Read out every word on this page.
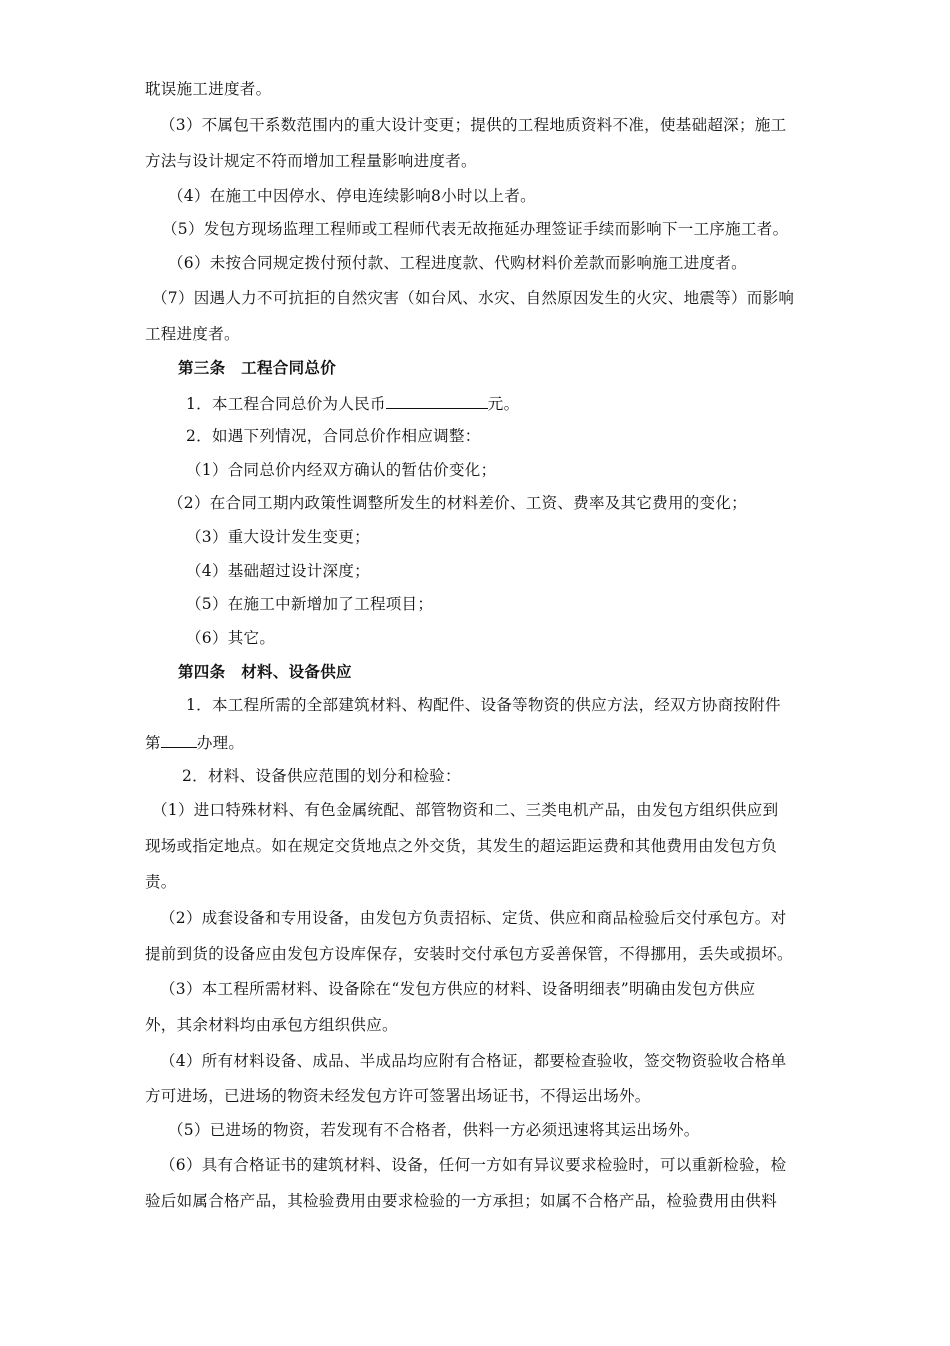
耽误施工进度者。
（3）不属包干系数范围内的重大设计变更；提供的工程地质资料不准，使基础超深；施工
方法与设计规定不符而增加工程量影响进度者。
（4）在施工中因停水、停电连续影响8小时以上者。
（5）发包方现场监理工程师或工程师代表无故拖延办理签证手续而影响下一工序施工者。
（6）未按合同规定拨付预付款、工程进度款、代购材料价差款而影响施工进度者。
（7）因遇人力不可抗拒的自然灾害（如台风、水灾、自然原因发生的火灾、地震等）而影响
工程进度者。
第三条　工程合同总价
1．本工程合同总价为人民币	元。
2．如遇下列情况，合同总价作相应调整：
（1）合同总价内经双方确认的暂估价变化；
（2）在合同工期内政策性调整所发生的材料差价、工资、费率及其它费用的变化；
（3）重大设计发生变更；
（4）基础超过设计深度；
（5）在施工中新增加了工程项目；
（6）其它。
第四条　材料、设备供应
1．本工程所需的全部建筑材料、构配件、设备等物资的供应方法，经双方协商按附件
第 办理。
2．材料、设备供应范围的划分和检验：
（1）进口特殊材料、有色金属统配、部管物资和二、三类电机产品，由发包方组织供应到
现场或指定地点。如在规定交货地点之外交货，其发生的超运距运费和其他费用由发包方负
责。
（2）成套设备和专用设备，由发包方负责招标、定货、供应和商品检验后交付承包方。对
提前到货的设备应由发包方设库保存，安装时交付承包方妥善保管，不得挪用，丢失或损坏。
（3）本工程所需材料、设备除在“发包方供应的材料、设备明细表”明确由发包方供应
外，其余材料均由承包方组织供应。
（4）所有材料设备、成品、半成品均应附有合格证，都要检查验收，签交物资验收合格单
方可进场，已进场的物资未经发包方许可签署出场证书，不得运出场外。
（5）已进场的物资，若发现有不合格者，供料一方必须迅速将其运出场外。
（6）具有合格证书的建筑材料、设备，任何一方如有异议要求检验时，可以重新检验，检
验后如属合格产品，其检验费用由要求检验的一方承担；如属不合格产品，检验费用由供料
